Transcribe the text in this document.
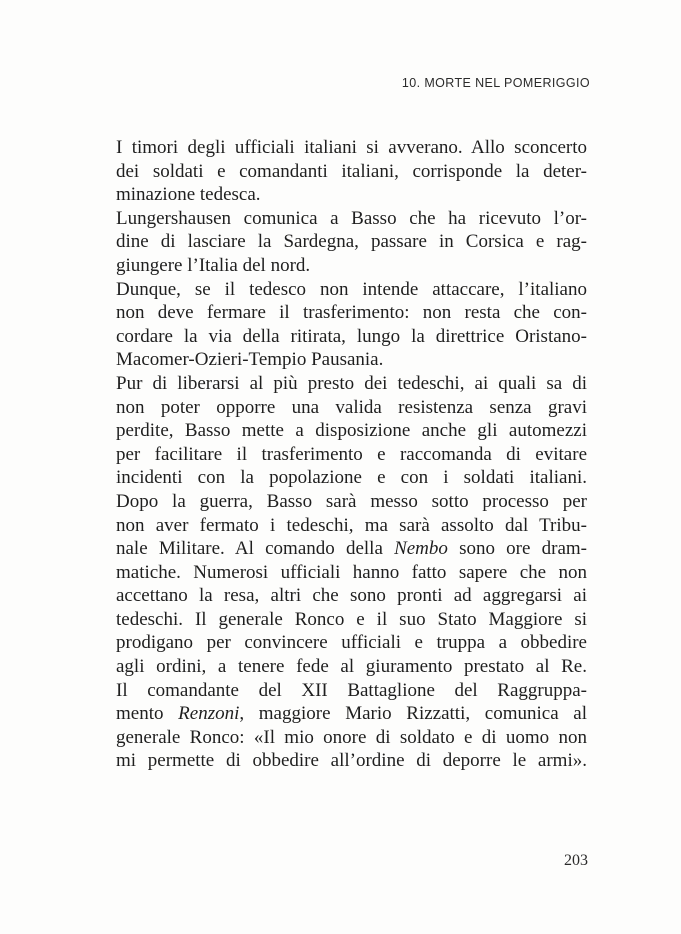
10. MORTE NEL POMERIGGIO
I timori degli ufficiali italiani si avverano. Allo sconcerto
dei soldati e comandanti italiani, corrisponde la deter-
minazione tedesca.
Lungershausen comunica a Basso che ha ricevuto l’or-
dine di lasciare la Sardegna, passare in Corsica e rag-
giungere l’Italia del nord.
Dunque, se il tedesco non intende attaccare, l’italiano
non deve fermare il trasferimento: non resta che con-
cordare la via della ritirata, lungo la direttrice Oristano-
Macomer-Ozieri-Tempio Pausania.
Pur di liberarsi al più presto dei tedeschi, ai quali sa di
non poter opporre una valida resistenza senza gravi
perdite, Basso mette a disposizione anche gli automezzi
per facilitare il trasferimento e raccomanda di evitare
incidenti con la popolazione e con i soldati italiani.
Dopo la guerra, Basso sarà messo sotto processo per
non aver fermato i tedeschi, ma sarà assolto dal Tribu-
nale Militare. Al comando della Nembo sono ore dram-
matiche. Numerosi ufficiali hanno fatto sapere che non
accettano la resa, altri che sono pronti ad aggregarsi ai
tedeschi. Il generale Ronco e il suo Stato Maggiore si
prodigano per convincere ufficiali e truppa a obbedire
agli ordini, a tenere fede al giuramento prestato al Re.
Il comandante del XII Battaglione del Raggruppa-
mento Renzoni, maggiore Mario Rizzatti, comunica al
generale Ronco: «Il mio onore di soldato e di uomo non
mi permette di obbedire all’ordine di deporre le armi».
203
